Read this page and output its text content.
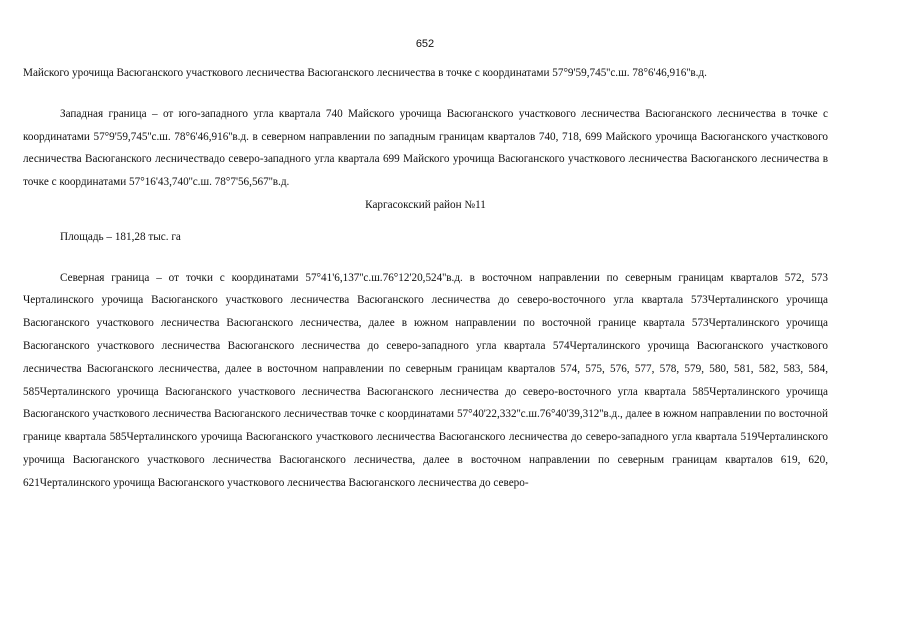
652

Майского урочища Васюганского участкового лесничества Васюганского лесничества в точке с координатами 57°9'59,745''с.ш. 78°6'46,916''в.д.

Западная граница – от юго-западного угла квартала 740 Майского урочища Васюганского участкового лесничества Васюганского лесничества в точке с координатами 57°9'59,745''с.ш. 78°6'46,916''в.д. в северном направлении по западным границам кварталов 740, 718, 699 Майского урочища Васюганского участкового лесничества Васюганского лесничествадо северо-западного угла квартала 699 Майского урочища Васюганского участкового лесничества Васюганского лесничества в точке с координатами 57°16'43,740''с.ш. 78°7'56,567''в.д.

Каргасокский район №11

Площадь – 181,28 тыс. га

Северная граница – от точки с координатами 57°41'6,137''с.ш.76°12'20,524''в.д. в восточном направлении по северным границам кварталов 572, 573 Черталинского урочища Васюганского участкового лесничества Васюганского лесничества до северо-восточного угла квартала 573Черталинского урочища Васюганского участкового лесничества Васюганского лесничества, далее в южном направлении по восточной границе квартала 573Черталинского урочища Васюганского участкового лесничества Васюганского лесничества до северо-западного угла квартала 574Черталинского урочища Васюганского участкового лесничества Васюганского лесничества, далее в восточном направлении по северным границам кварталов 574, 575, 576, 577, 578, 579, 580, 581, 582, 583, 584, 585Черталинского урочища Васюганского участкового лесничества Васюганского лесничества до северо-восточного угла квартала 585Черталинского урочища Васюганского участкового лесничества Васюганского лесничествав точке с координатами 57°40'22,332''с.ш.76°40'39,312''в.д., далее в южном направлении по восточной границе квартала 585Черталинского урочища Васюганского участкового лесничества Васюганского лесничества до северо-западного угла квартала 519Черталинского урочища Васюганского участкового лесничества Васюганского лесничества, далее в восточном направлении по северным границам кварталов 619, 620, 621Черталинского урочища Васюганского участкового лесничества Васюганского лесничества до северо-
